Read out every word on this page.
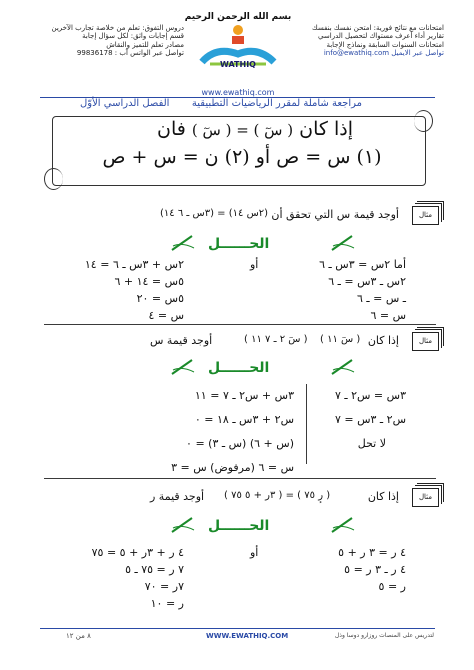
بسم الله الرحمن الرحيم
امتحانات مع نتائج فورية: امتحن نفسك بنفسك
تقارير أداء أعرف مستواك لتحصيل الدراسي
امتحانات السنوات السابقة ونماذج الإجابة
تواصل عبر الايميل info@ewathiq.com
دروس التفوق: تعلم من خلاصة تجارب الآخرين
قسم إجابات واثق: لكل سؤال إجابة
مصادر تعلم للتميز والنقاش
تواصل عبر الواتس آب : 99836178
WATHIQ
www.ewathiq.com
مراجعة شاملة لمقرر الرياضيات التطبيقية
الفصل الدراسي الأوّل
إذا كان ( سٓ ) = ( سٓ ) فان
(١) س = ص أو (٢) ن = س + ص
مثال
أوجد قيمة س التي تحقق أن
(٢س ١٤) = (٣س ـ ٦ ١٤)
الحــــــل
أما ٢س = ٣س ـ ٦
٢س ـ ٣س = ـ ٦
ـ س = ـ ٦
س = ٦
أو
٢س + ٣س ـ ٦ = ١٤
٥س = ١٤ + ٦
٥س = ٢٠
س = ٤
مثال
إذا كان
( سٓ ١١ )
( سٓ ٢ ـ ٧ ١١ )
أوجد قيمة س
الحــــــل
٣س = س٢ ـ ٧
س٢ ـ ٣س = ٧
لا تحل
٣س + س٢ ـ ٧ = ١١
س٢ + ٣س ـ ١٨ = ٠
(س + ٦) (س ـ ٣) = ٠
س = ٦ (مرفوض) س = ٣
مثال
إذا كان
( رٕ ٧٥ ) = ( ٣ر + ٥ ٧٥ )
أوجد قيمة ر
الحــــــل
٤ ر = ٣ ر + ٥
٤ ر ـ ٣ ر = ٥
ر = ٥
أو
٤ ر + ٣ر + ٥ = ٧٥
٧ ر = ٧٥ ـ ٥
٧ر = ٧٠
ر = ١٠
لتدريس على المنصات روزارو دوسا وذل
WWW.EWATHIQ.COM
٨ من ١٢
